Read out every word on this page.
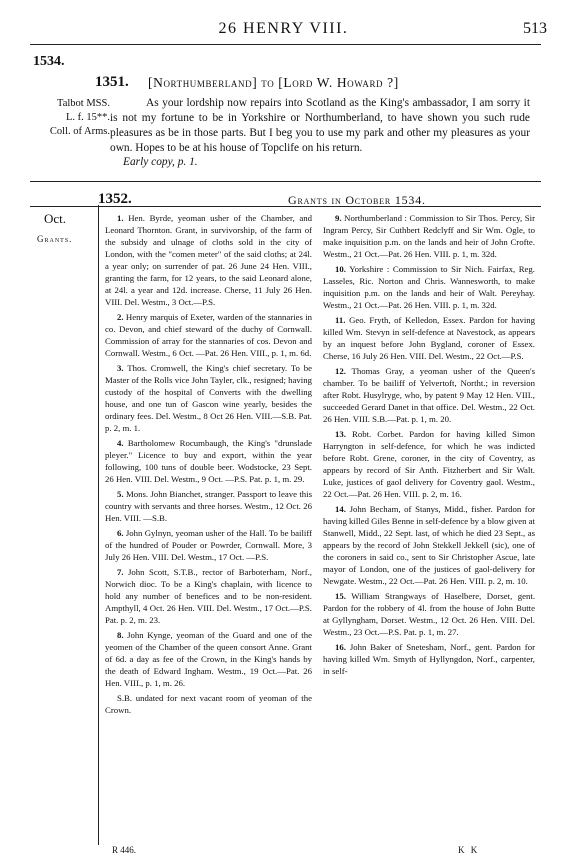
26 HENRY VIII.	513
1534.
1351. [Northumberland] to [Lord W. Howard ?]
Talbot MSS.
L. f. 15**.
Coll. of Arms.
As your lordship now repairs into Scotland as the King's ambassador, I am sorry it is not my fortune to be in Yorkshire or Northumberland, to have shown you such rude pleasures as be in those parts. But I beg you to use my park and other my pleasures as your own. Hopes to be at his house of Topclife on his return.
Early copy, p. 1.
1352.	Grants in October 1534.
Oct.
Grants.

1. Hen. Byrde, yeoman usher of the Chamber, and Leonard Thornton. Grant, in survivorship, of the farm of the subsidy and ulnage of cloths sold in the city of London, with the "comen meter" of the said cloths; at 24l. a year only; on surrender of pat. 26 June 24 Hen. VIII., granting the farm, for 12 years, to the said Leonard alone, at 24l. a year and 12d. increase. Cherse, 11 July 26 Hen. VIII. Del. Westm., 3 Oct.—P.S.

2. Henry marquis of Exeter, warden of the stannaries in co. Devon, and chief steward of the duchy of Cornwall. Commission of array for the stannaries of cos. Devon and Cornwall. Westm., 6 Oct. —Pat. 26 Hen. VIII., p. 1, m. 6d.

3. Thos. Cromwell, the King's chief secretary. To be Master of the Rolls vice John Tayler, clk., resigned; having custody of the hospital of Converts with the dwelling house, and one tun of Gascon wine yearly, besides the ordinary fees. Del. Westm., 8 Oct 26 Hen. VIII.—S.B. Pat. p. 2, m. 1.

4. Bartholomew Rocumbaugh, the King's "drunslade pleyer." Licence to buy and export, within the year following, 100 tuns of double beer. Wodstocke, 23 Sept. 26 Hen. VIII. Del. Westm., 9 Oct. —P.S. Pat. p. 1, m. 29.

5. Mons. John Bianchet, stranger. Passport to leave this country with servants and three horses. Westm., 12 Oct. 26 Hen. VIII. —S.B.

6. John Gylnyn, yeoman usher of the Hall. To be bailiff of the hundred of Pouder or Powrder, Cornwall. More, 3 July 26 Hen. VIII. Del. Westm., 17 Oct. —P.S.

7. John Scott, S.T.B., rector of Barboterham, Norf., Norwich dioc. To be a King's chaplain, with licence to hold any number of benefices and to be non-resident. Ampthyll, 4 Oct. 26 Hen. VIII. Del. Westm., 17 Oct.—P.S. Pat. p. 2, m. 23.

8. John Kynge, yeoman of the Guard and one of the yeomen of the Chamber of the queen consort Anne. Grant of 6d. a day as fee of the Crown, in the King's hands by the death of Edward Ingham. Westm., 19 Oct.—Pat. 26 Hen. VIII., p. 1, m. 26.

S.B. undated for next vacant room of yeoman of the Crown.

9. Northumberland : Commission to Sir Thos. Percy, Sir Ingram Percy, Sir Cuthbert Redclyff and Sir Wm. Ogle, to make inquisition p.m. on the lands and heir of John Crofte. Westm., 21 Oct.—Pat. 26 Hen. VIII. p. 1, m. 32d.

10. Yorkshire : Commission to Sir Nich. Fairfax, Reg. Lasseles, Ric. Norton and Chris. Wannesworth, to make inquisition p.m. on the lands and heir of Walt. Pereyhay. Westm., 21 Oct.—Pat. 26 Hen. VIII. p. 1, m. 32d.

11. Geo. Fryth, of Kelledon, Essex. Pardon for having killed Wm. Stevyn in self-defence at Navestock, as appears by an inquest before John Bygland, coroner of Essex. Cherse, 16 July 26 Hen. VIII. Del. Westm., 22 Oct.—P.S.

12. Thomas Gray, a yeoman usher of the Queen's chamber. To be bailiff of Yelvertoft, Northt.; in reversion after Robt. Husylryge, who, by patent 9 May 12 Hen. VIII., succeeded Gerard Danet in that office. Del. Westm., 22 Oct. 26 Hen. VIII. S.B.—Pat. p. 1, m. 20.

13. Robt. Corbet. Pardon for having killed Simon Harryngton in self-defence, for which he was indicted before Robt. Grene, coroner, in the city of Coventry, as appears by record of Sir Anth. Fitzherbert and Sir Walt. Luke, justices of gaol delivery for Coventry gaol. Westm., 22 Oct.—Pat. 26 Hen. VIII. p. 2, m. 16.

14. John Becham, of Stanys, Midd., fisher. Pardon for having killed Giles Benne in self-defence by a blow given at Stanwell, Midd., 22 Sept. last, of which he died 23 Sept., as appears by the record of John Stekkell Jekkell (sic), one of the coroners in said co., sent to Sir Christopher Ascue, late mayor of London, one of the justices of gaol-delivery for Newgate. Westm., 22 Oct.—Pat. 26 Hen. VIII. p. 2, m. 10.

15. William Strangways of Haselbere, Dorset, gent. Pardon for the robbery of 4l. from the house of John Butte at Gyllyngham, Dorset. Westm., 12 Oct. 26 Hen. VIII. Del. Westm., 23 Oct.—P.S. Pat. p. 1, m. 27.

16. John Baker of Snetesham, Norf., gent. Pardon for having killed Wm. Smyth of Hyllyngdon, Norf., carpenter, in self-

R 446.	K K
